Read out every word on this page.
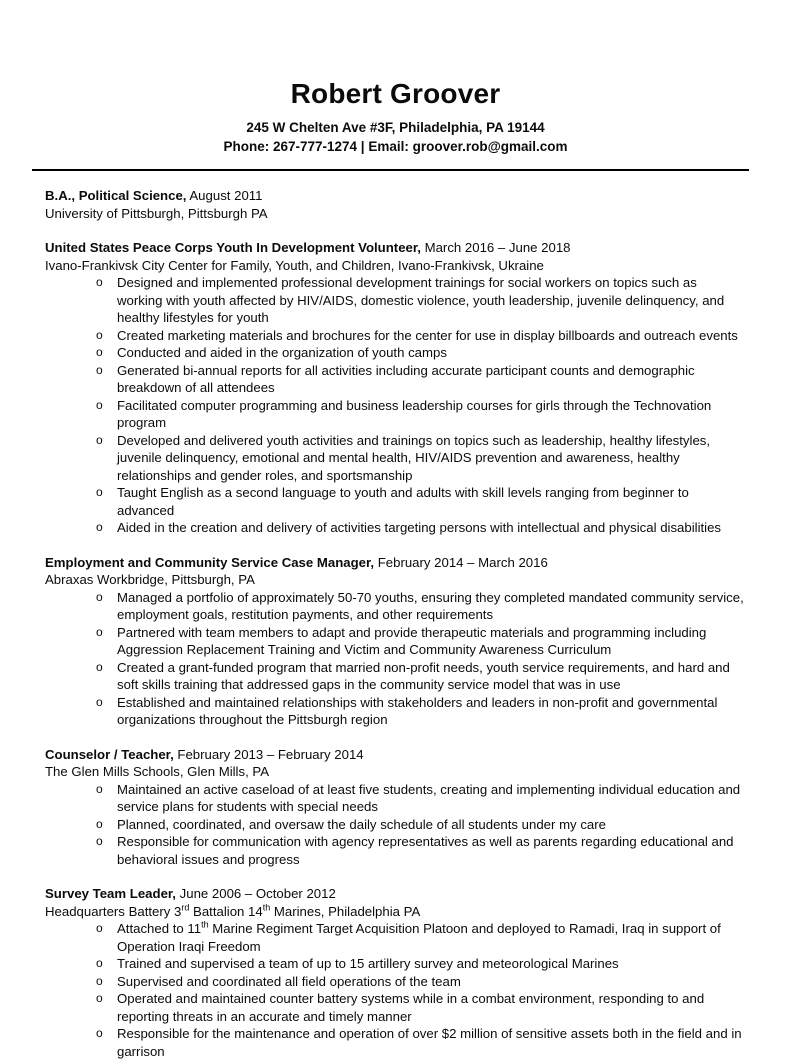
Robert Groover
245 W Chelten Ave #3F, Philadelphia, PA 19144
Phone: 267-777-1274 | Email: groover.rob@gmail.com

B.A., Political Science, August 2011

University of Pittsburgh, Pittsburgh PA

United States Peace Corps Youth In Development Volunteer, March 2016 – June 2018

Ivano-Frankivsk City Center for Family, Youth, and Children, Ivano-Frankivsk, Ukraine
o	Designed and implemented professional development trainings for social workers on topics such as working with youth affected by HIV/AIDS, domestic violence, youth leadership, juvenile delinquency, and healthy lifestyles for youth
o	Created marketing materials and brochures for the center for use in display billboards and outreach events
o	Conducted and aided in the organization of youth camps
o	Generated bi-annual reports for all activities including accurate participant counts and demographic breakdown of all attendees
o	Facilitated computer programming and business leadership courses for girls through the Technovation program
o	Developed and delivered youth activities and trainings on topics such as leadership, healthy lifestyles, juvenile delinquency, emotional and mental health, HIV/AIDS prevention and awareness, healthy relationships and gender roles, and sportsmanship
o	Taught English as a second language to youth and adults with skill levels ranging from beginner to advanced
o	Aided in the creation and delivery of activities targeting persons with intellectual and physical disabilities

Employment and Community Service Case Manager, February 2014 – March 2016

Abraxas Workbridge, Pittsburgh, PA
o	Managed a portfolio of approximately 50-70 youths, ensuring they completed mandated community service, employment goals, restitution payments, and other requirements
o	Partnered with team members to adapt and provide therapeutic materials and programming including Aggression Replacement Training and Victim and Community Awareness Curriculum
o	Created a grant-funded program that married non-profit needs, youth service requirements, and hard and soft skills training that addressed gaps in the community service model that was in use
o	Established and maintained relationships with stakeholders and leaders in non-profit and governmental organizations throughout the Pittsburgh region

Counselor / Teacher, February 2013 – February 2014

The Glen Mills Schools, Glen Mills, PA
o	Maintained an active caseload of at least five students, creating and implementing individual education and service plans for students with special needs
o	Planned, coordinated, and oversaw the daily schedule of all students under my care
o	Responsible for communication with agency representatives as well as parents regarding educational and behavioral issues and progress

Survey Team Leader, June 2006 – October 2012

Headquarters Battery 3rd Battalion 14th Marines, Philadelphia PA
o	Attached to 11th Marine Regiment Target Acquisition Platoon and deployed to Ramadi, Iraq in support of Operation Iraqi Freedom
o	Trained and supervised a team of up to 15 artillery survey and meteorological Marines
o	Supervised and coordinated all field operations of the team
o	Operated and maintained counter battery systems while in a combat environment, responding to and reporting threats in an accurate and timely manner
o	Responsible for the maintenance and operation of over $2 million of sensitive assets both in the field and in garrison
